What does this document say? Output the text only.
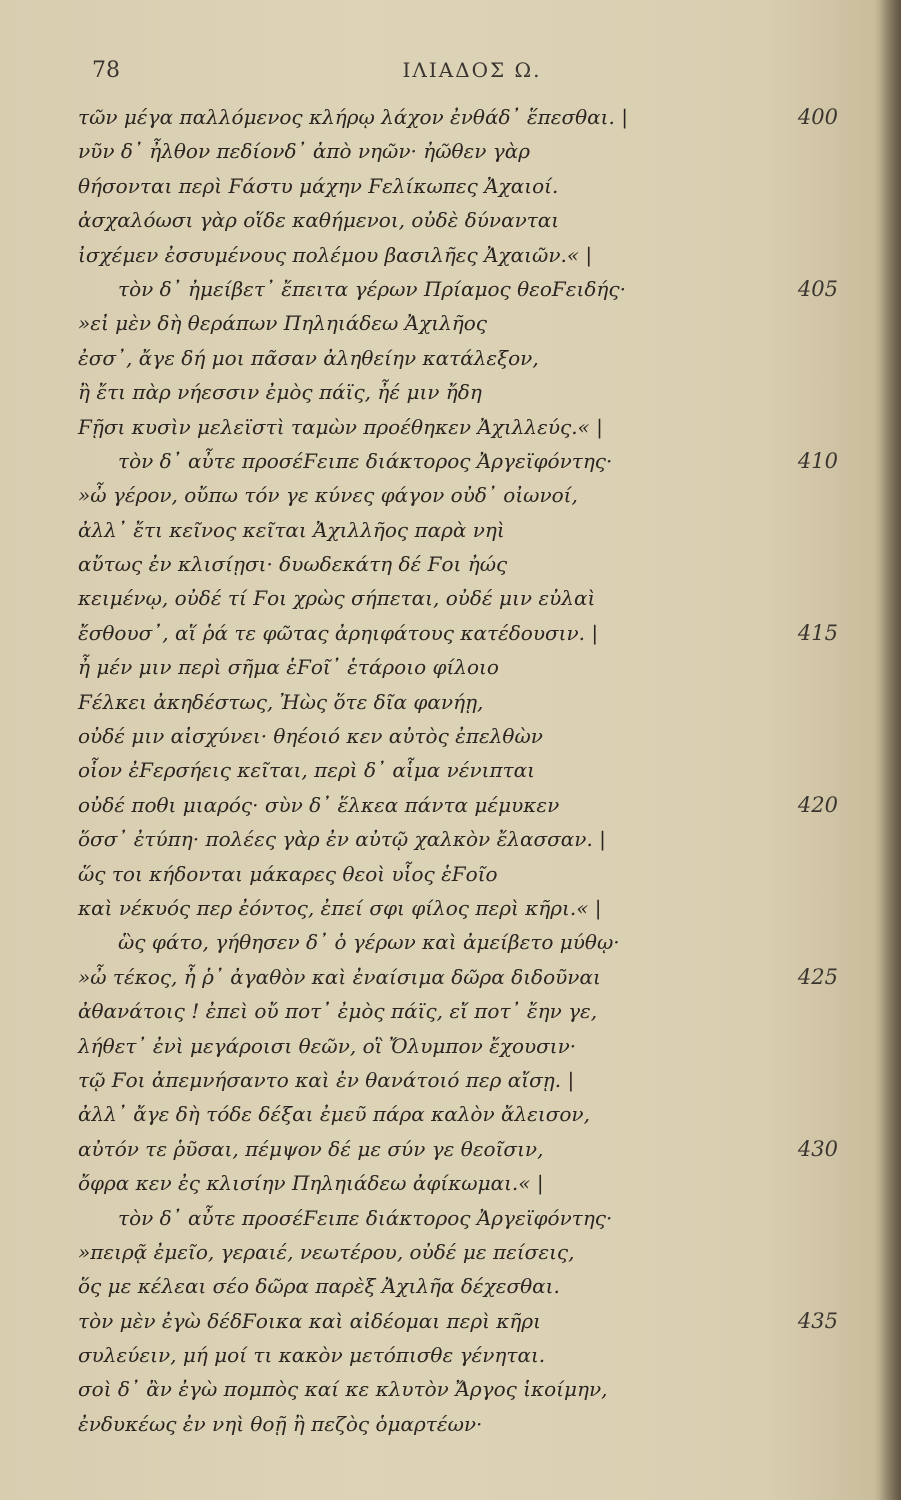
78	ΙΛΙΑΔΟΣ Ω.
τῶν μέγα παλλόμενος κλήρῳ λάχον ἐνθάδ᾽ ἕπεσθαι. |	400
νῦν δ᾽ ἦλθον πεδίονδ᾽ ἀπὸ νηῶν· ἠῶθεν γὰρ
θήσονται περὶ Ϝάστυ μάχην Ϝελίκωπες Ἀχαιοί.
ἀσχαλόωσι γὰρ οἵδε καθήμενοι, οὐδὲ δύνανται
ἰσχέμεν ἐσσυμένους πολέμου βασιλῆες Ἀχαιῶν.« |
τὸν δ᾽ ἠμείβετ᾽ ἔπειτα γέρων Πρίαμος θεοϜειδής·	405
»εἰ μὲν δὴ θεράπων Πηληιάδεω Ἀχιλῆος
ἐσσ᾽, ἄγε δή μοι πᾶσαν ἀληθείην κατάλεξον,
ἢ ἔτι πὰρ νήεσσιν ἐμὸς πάϊς, ἦέ μιν ἤδη
Ϝῇσι κυσὶν μελεϊστὶ ταμὼν προέθηκεν Ἀχιλλεύς.« |
τὸν δ᾽ αὖτε προσέϜειπε διάκτορος Ἀργεϊφόντης·	410
»ὦ γέρον, οὔπω τόν γε κύνες φάγον οὐδ᾽ οἰωνοί,
ἀλλ᾽ ἔτι κεῖνος κεῖται Ἀχιλλῆος παρὰ νηὶ
αὔτως ἐν κλισίῃσι· δυωδεκάτη δέ Ϝοι ἠώς
κειμένῳ, οὐδέ τί Ϝοι χρὼς σήπεται, οὐδέ μιν εὐλαὶ
ἔσθουσ᾽, αἵ ῥά τε φῶτας ἀρηιφάτους κατέδουσιν. |	415
ἦ μέν μιν περὶ σῆμα ἑϜοῖ᾽ ἑτάροιο φίλοιο
Ϝέλκει ἀκηδέστως, Ἠὼς ὅτε δῖα φανήῃ,
οὐδέ μιν αἰσχύνει· θηέοιό κεν αὐτὸς ἐπελθὼν
οἷον ἐϜερσήεις κεῖται, περὶ δ᾽ αἷμα νένιπται
οὐδέ ποθι μιαρός· σὺν δ᾽ ἕλκεα πάντα μέμυκεν	420
ὅσσ᾽ ἐτύπη· πολέες γὰρ ἐν αὐτῷ χαλκὸν ἔλασσαν. |
ὥς τοι κήδονται μάκαρες θεοὶ υἷος ἑϜοῖο
καὶ νέκυός περ ἐόντος, ἐπεί σφι φίλος περὶ κῆρι.« |
ὣς φάτο, γήθησεν δ᾽ ὁ γέρων καὶ ἀμείβετο μύθῳ·
»ὦ τέκος, ἦ ῥ᾽ ἀγαθὸν καὶ ἐναίσιμα δῶρα διδοῦναι	425
ἀθανάτοις ! ἐπεὶ οὔ ποτ᾽ ἐμὸς πάϊς, εἴ ποτ᾽ ἔην γε,
λήθετ᾽ ἐνὶ μεγάροισι θεῶν, οἳ Ὄλυμπον ἔχουσιν·
τῷ Ϝοι ἀπεμνήσαντο καὶ ἐν θανάτοιό περ αἴσῃ. |
ἀλλ᾽ ἄγε δὴ τόδε δέξαι ἐμεῦ πάρα καλὸν ἄλεισον,
αὐτόν τε ῥῦσαι, πέμψον δέ με σύν γε θεοῖσιν,	430
ὄφρα κεν ἐς κλισίην Πηληιάδεω ἀφίκωμαι.« |
τὸν δ᾽ αὖτε προσέϜειπε διάκτορος Ἀργεϊφόντης·
»πειρᾷ ἐμεῖο, γεραιέ, νεωτέρου, οὐδέ με πείσεις,
ὅς με κέλεαι σέο δῶρα παρὲξ Ἀχιλῆα δέχεσθαι.
τὸν μὲν ἐγὼ δέδϜοικα καὶ αἰδέομαι περὶ κῆρι	435
συλεύειν, μή μοί τι κακὸν μετόπισθε γένηται.
σοὶ δ᾽ ἂν ἐγὼ πομπὸς καί κε κλυτὸν Ἄργος ἱκοίμην,
ἐνδυκέως ἐν νηὶ θοῇ ἢ πεζὸς ὁμαρτέων·
